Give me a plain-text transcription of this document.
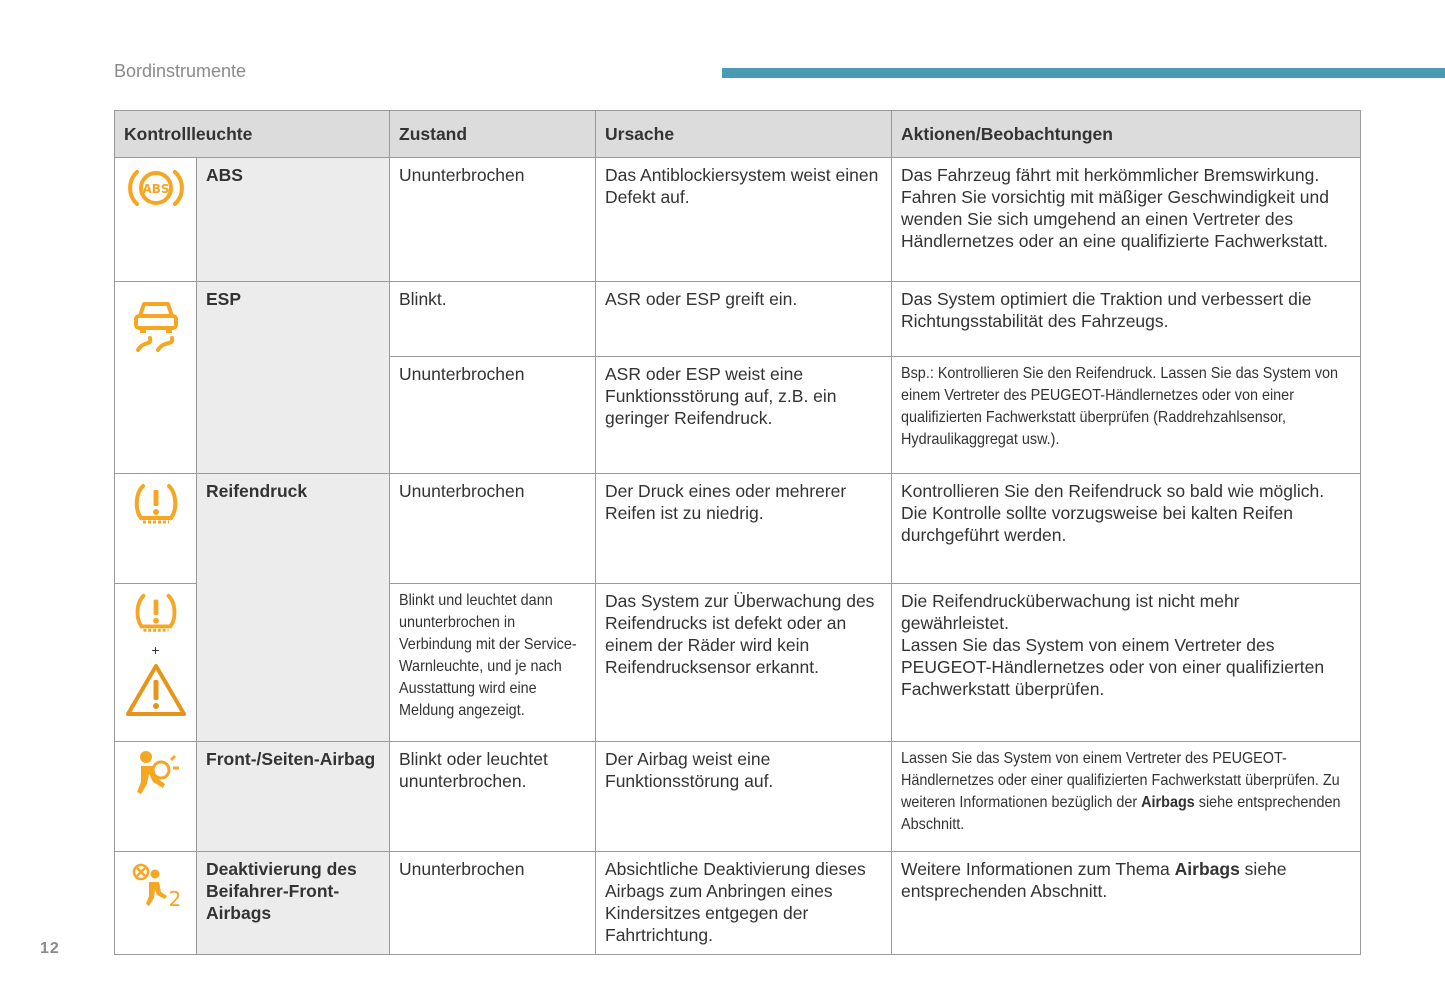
Bordinstrumente
Kontrollleuchte		Zustand	Ursache	Aktionen/Beobachtungen

ABS	ABS	Ununterbrochen	Das Antiblockiersystem weist einen Defekt auf.	Das Fahrzeug fährt mit herkömmlicher Bremswirkung. Fahren Sie vorsichtig mit mäßiger Geschwindigkeit und wenden Sie sich umgehend an einen Vertreter des Händlernetzes oder an eine qualifizierte Fachwerkstatt.

	ESP	Blinkt.	ASR oder ESP greift ein.	Das System optimiert die Traktion und verbessert die Richtungsstabilität des Fahrzeugs.
		Ununterbrochen	ASR oder ESP weist eine Funktionsstörung auf, z.B. ein geringer Reifendruck.	Bsp.: Kontrollieren Sie den Reifendruck. Lassen Sie das System von einem Vertreter des PEUGEOT-Händlernetzes oder von einer qualifizierten Fachwerkstatt überprüfen (Raddrehzahlsensor, Hydraulikaggregat usw.).

	Reifendruck	Ununterbrochen	Der Druck eines oder mehrerer Reifen ist zu niedrig.	Kontrollieren Sie den Reifendruck so bald wie möglich. Die Kontrolle sollte vorzugsweise bei kalten Reifen durchgeführt werden.

+		Blinkt und leuchtet dann ununterbrochen in Verbindung mit der Service-Warnleuchte, und je nach Ausstattung wird eine Meldung angezeigt.	Das System zur Überwachung des Reifendrucks ist defekt oder an einem der Räder wird kein Reifendrucksensor erkannt.	Die Reifendrucküberwachung ist nicht mehr gewährleistet.
Lassen Sie das System von einem Vertreter des PEUGEOT-Händlernetzes oder von einer qualifizierten Fachwerkstatt überprüfen.

	Front-/Seiten-Airbag	Blinkt oder leuchtet ununterbrochen.	Der Airbag weist eine Funktionsstörung auf.	Lassen Sie das System von einem Vertreter des PEUGEOT-Händlernetzes oder einer qualifizierten Fachwerkstatt überprüfen. Zu weiteren Informationen bezüglich der Airbags siehe entsprechenden Abschnitt.

2	Deaktivierung des Beifahrer-Front-Airbags	Ununterbrochen	Absichtliche Deaktivierung dieses Airbags zum Anbringen eines Kindersitzes entgegen der Fahrtrichtung.	Weitere Informationen zum Thema Airbags siehe entsprechenden Abschnitt.
12
